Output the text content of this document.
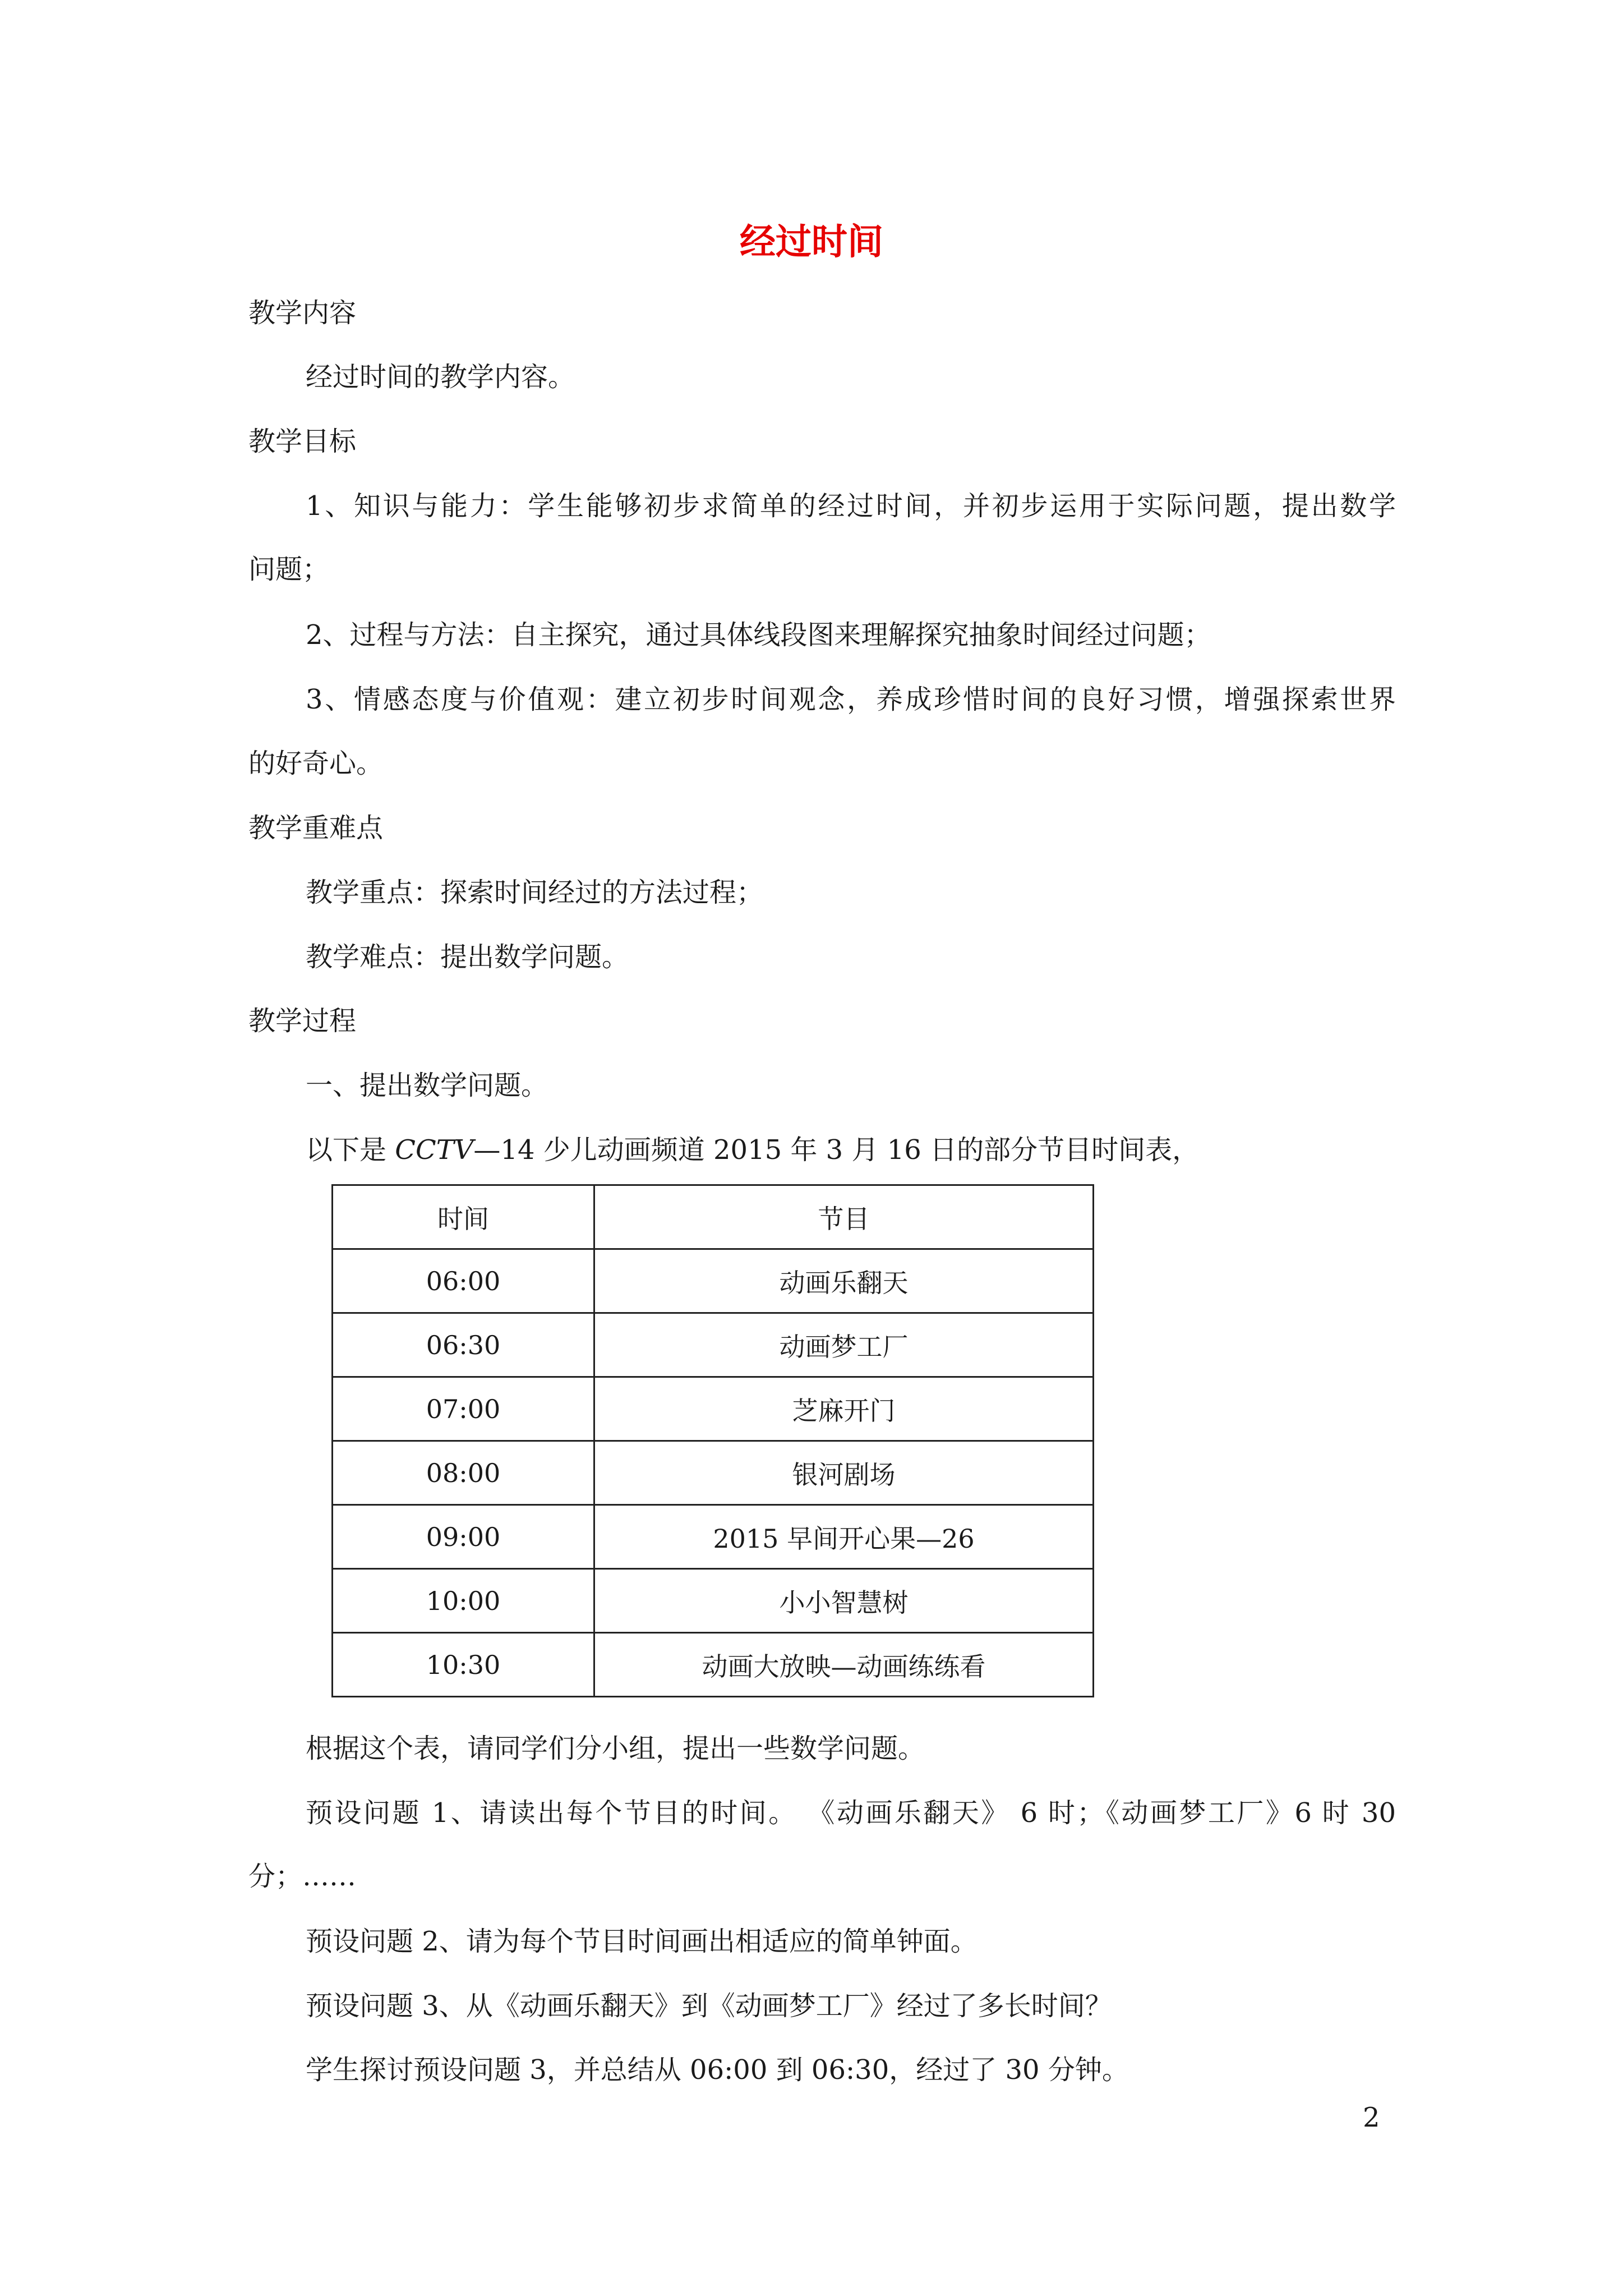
经过时间
教学内容
经过时间的教学内容。
教学目标
1、知识与能力：学生能够初步求简单的经过时间，并初步运用于实际问题，提出数学
问题；
2、过程与方法：自主探究，通过具体线段图来理解探究抽象时间经过问题；
3、情感态度与价值观：建立初步时间观念，养成珍惜时间的良好习惯，增强探索世界
的好奇心。
教学重难点
教学重点：探索时间经过的方法过程；
教学难点：提出数学问题。
教学过程
一、提出数学问题。
以下是 CCTV—14 少儿动画频道 2015 年 3 月 16 日的部分节目时间表，
时间	节目
06:00	动画乐翻天
06:30	动画梦工厂
07:00	芝麻开门
08:00	银河剧场
09:00	2015 早间开心果—26
10:00	小小智慧树
10:30	动画大放映—动画练练看
根据这个表，请同学们分小组，提出一些数学问题。
预设问题 1、请读出每个节目的时间。 《动画乐翻天》 6 时；《动画梦工厂》6 时 30
分；……
预设问题 2、请为每个节目时间画出相适应的简单钟面。
预设问题 3、从《动画乐翻天》到《动画梦工厂》经过了多长时间？
学生探讨预设问题 3，并总结从 06:00 到 06:30，经过了 30 分钟。
2
